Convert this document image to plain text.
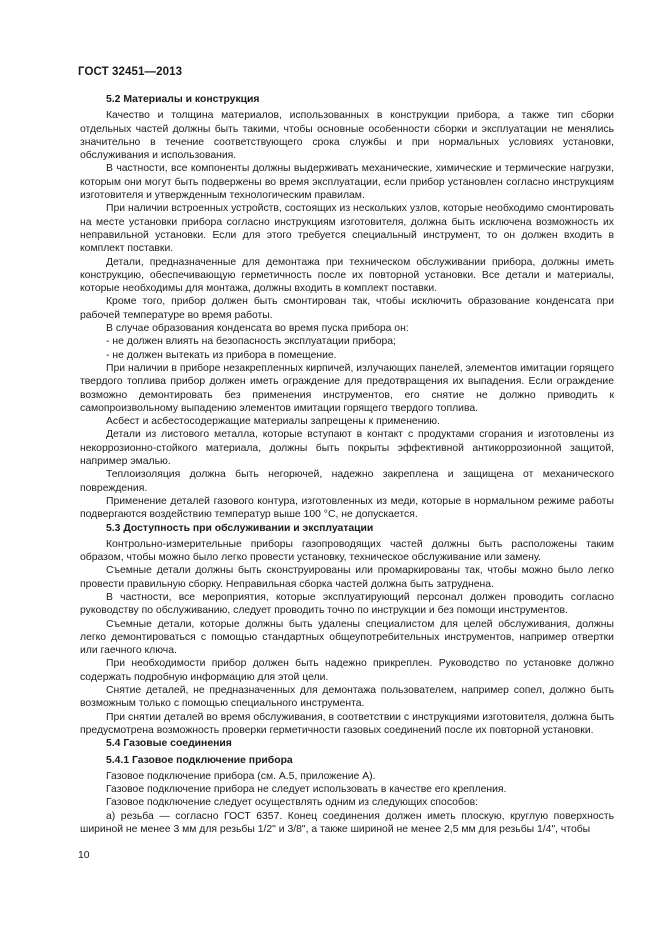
ГОСТ 32451—2013
5.2 Материалы и конструкция

Качество и толщина материалов, использованных в конструкции прибора, а также тип сборки отдельных частей должны быть такими, чтобы основные особенности сборки и эксплуатации не менялись значительно в течение соответствующего срока службы и при нормальных условиях установки, обслуживания и использования.

В частности, все компоненты должны выдерживать механические, химические и термические нагрузки, которым они могут быть подвержены во время эксплуатации, если прибор установлен согласно инструкциям изготовителя и утвержденным технологическим правилам.

При наличии встроенных устройств, состоящих из нескольких узлов, которые необходимо смонтировать на месте установки прибора согласно инструкциям изготовителя, должна быть исключена возможность их неправильной установки. Если для этого требуется специальный инструмент, то он должен входить в комплект поставки.

Детали, предназначенные для демонтажа при техническом обслуживании прибора, должны иметь конструкцию, обеспечивающую герметичность после их повторной установки. Все детали и материалы, которые необходимы для монтажа, должны входить в комплект поставки.

Кроме того, прибор должен быть смонтирован так, чтобы исключить образование конденсата при рабочей температуре во время работы.

В случае образования конденсата во время пуска прибора он:

- не должен влиять на безопасность эксплуатации прибора;

- не должен вытекать из прибора в помещение.

При наличии в приборе незакрепленных кирпичей, излучающих панелей, элементов имитации горящего твердого топлива прибор должен иметь ограждение для предотвращения их выпадения. Если ограждение возможно демонтировать без применения инструментов, его снятие не должно приводить к самопроизвольному выпадению элементов имитации горящего твердого топлива.

Асбест и асбестосодержащие материалы запрещены к применению.

Детали из листового металла, которые вступают в контакт с продуктами сгорания и изготовлены из некоррозионно-стойкого материала, должны быть покрыты эффективной антикоррозионной защитой, например эмалью.

Теплоизоляция должна быть негорючей, надежно закреплена и защищена от механического повреждения.

Применение деталей газового контура, изготовленных из меди, которые в нормальном режиме работы подвергаются воздействию температур выше 100 °С, не допускается.

5.3 Доступность при обслуживании и эксплуатации

Контрольно-измерительные приборы газопроводящих частей должны быть расположены таким образом, чтобы можно было легко провести установку, техническое обслуживание или замену.

Съемные детали должны быть сконструированы или промаркированы так, чтобы можно было легко провести правильную сборку. Неправильная сборка частей должна быть затруднена.

В частности, все мероприятия, которые эксплуатирующий персонал должен проводить согласно руководству по обслуживанию, следует проводить точно по инструкции и без помощи инструментов.

Съемные детали, которые должны быть удалены специалистом для целей обслуживания, должны легко демонтироваться с помощью стандартных общеупотребительных инструментов, например отвертки или гаечного ключа.

При необходимости прибор должен быть надежно прикреплен. Руководство по установке должно содержать подробную информацию для этой цели.

Снятие деталей, не предназначенных для демонтажа пользователем, например сопел, должно быть возможным только с помощью специального инструмента.

При снятии деталей во время обслуживания, в соответствии с инструкциями изготовителя, должна быть предусмотрена возможность проверки герметичности газовых соединений после их повторной установки.

5.4 Газовые соединения
5.4.1 Газовое подключение прибора

Газовое подключение прибора (см. А.5, приложение А).

Газовое подключение прибора не следует использовать в качестве его крепления.

Газовое подключение следует осуществлять одним из следующих способов:

а) резьба — согласно ГОСТ 6357. Конец соединения должен иметь плоскую, круглую поверхность шириной не менее 3 мм для резьбы 1/2" и 3/8", а также шириной не менее 2,5 мм для резьбы 1/4", чтобы

10
